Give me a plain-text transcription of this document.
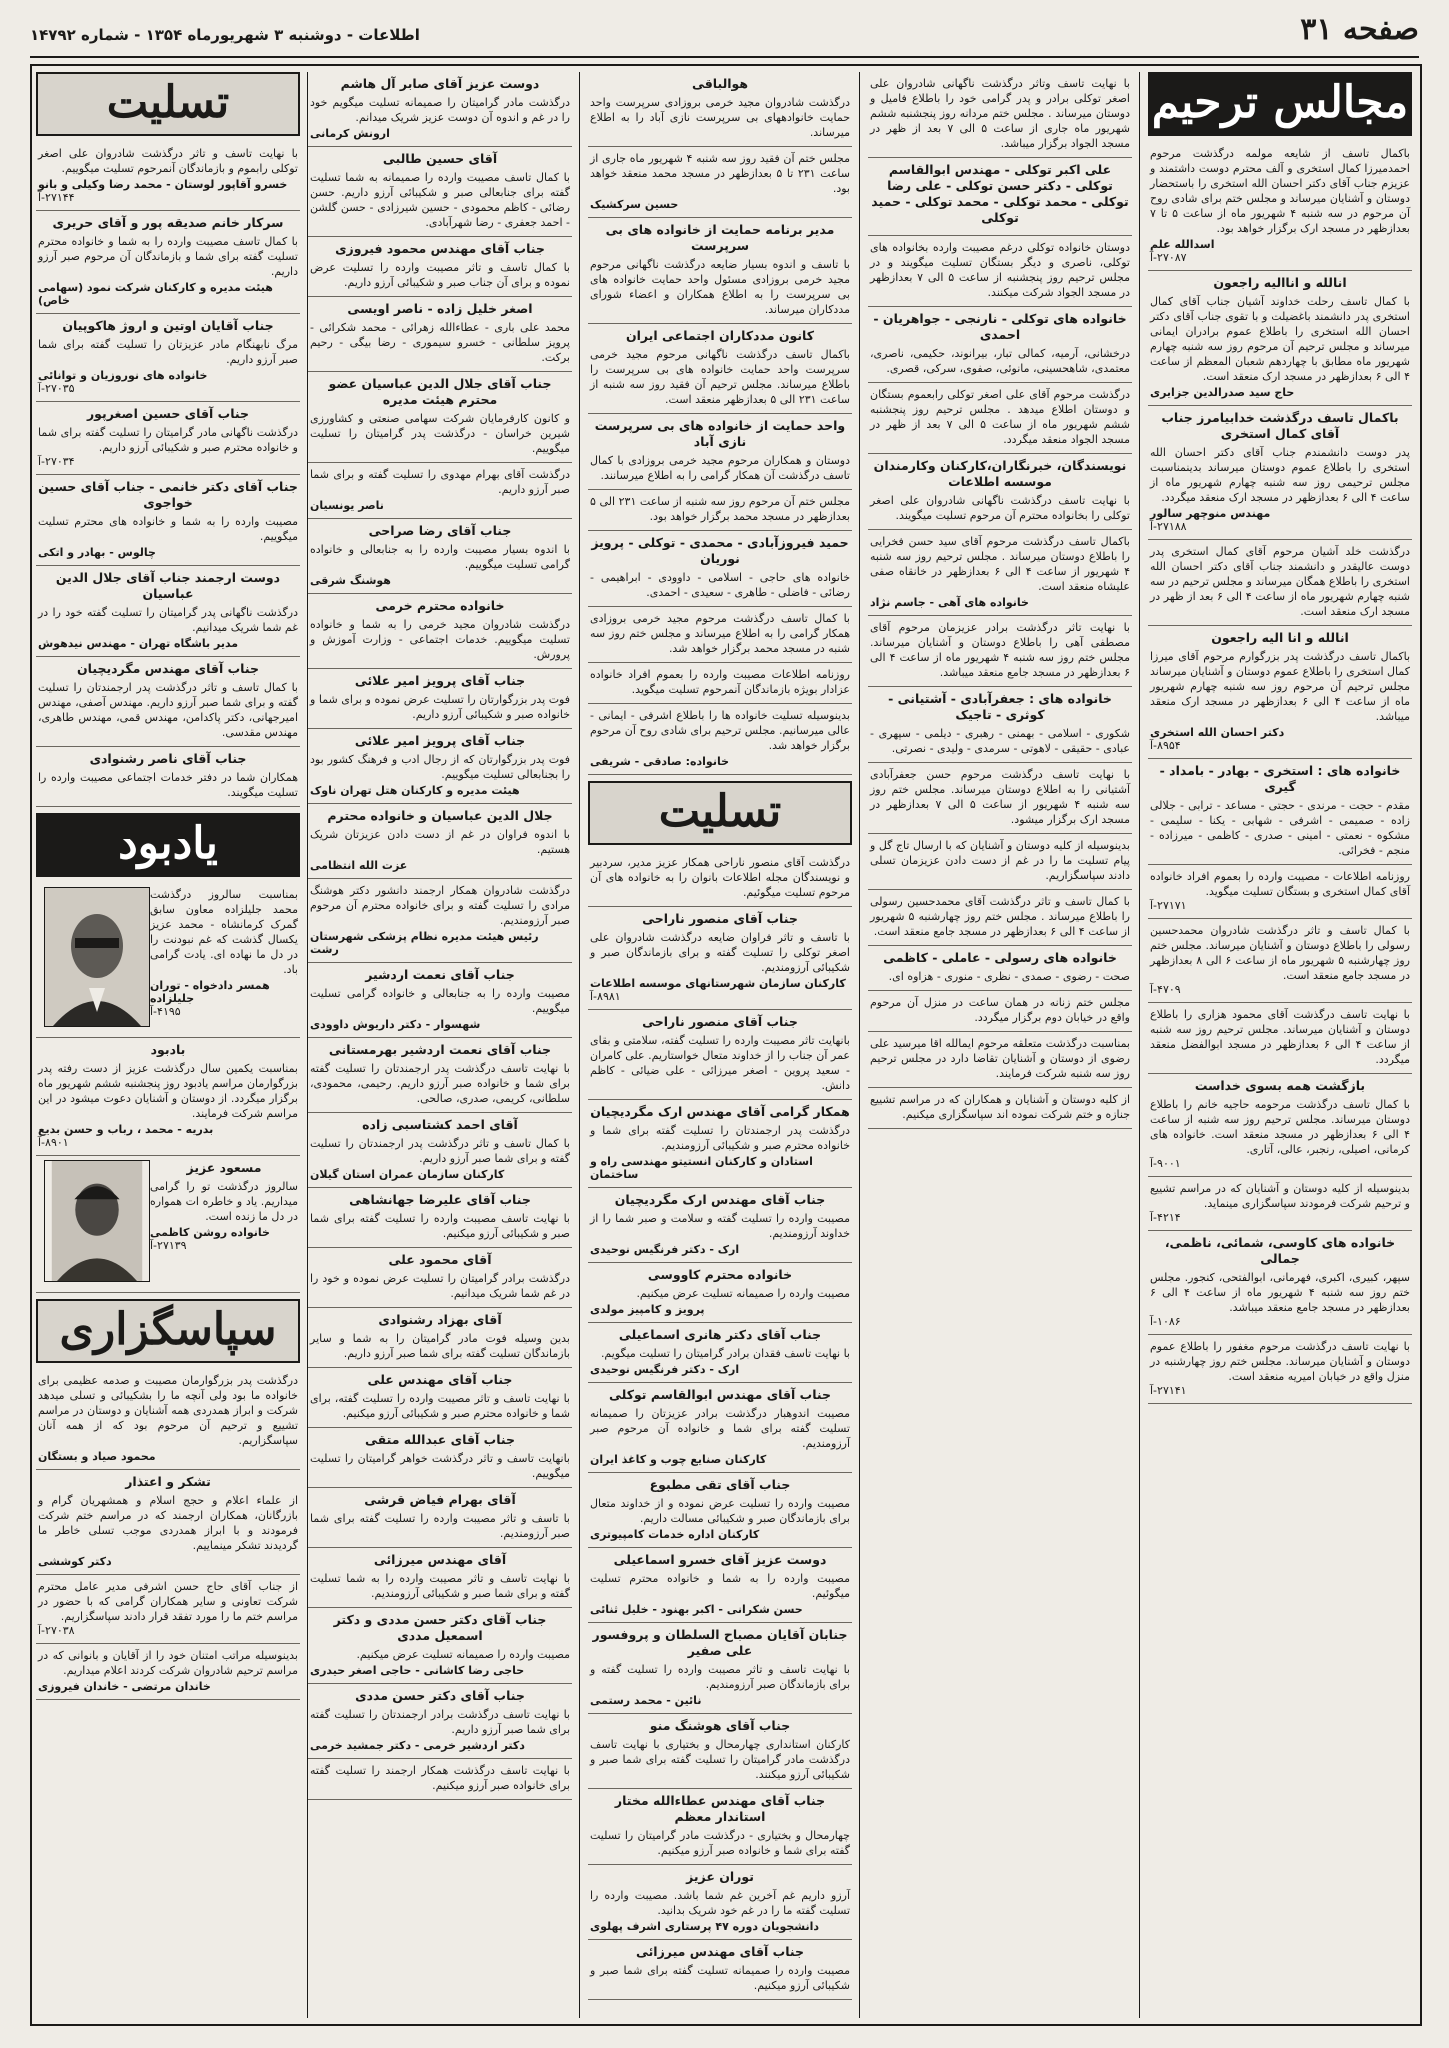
صفحه ۳۱
اطلاعات - دوشنبه ۳ شهریورماه ۱۳۵۴ - شماره ۱۴۷۹۲
مجالس ترحیم

باکمال تاسف از شایعه مولمه درگذشت مرحوم احمدمیرزا کمال استخری و آلف محترم دوست داشتمند و عزیزم جناب آقای دکتر احسان الله استخری را باستحضار دوستان و آشنایان میرساند و مجلس ختم برای شادی روح آن مرحوم در سه شنبه ۴ شهریور ماه از ساعت ۵ تا ۷ بعدازظهر در مسجد ارک برگزار خواهد بود.

اسدالله علم
۲۷۰۸۷-آ
انالله و اناالیه راجعون

با کمال تاسف رحلت خداوند آشیان جناب آقای کمال استخری پدر دانشمند باغضیلت و با تقوی جناب آقای دکتر احسان الله استخری را باطلاع عموم برادران ایمانی میرساند و مجلس ترحیم آن مرحوم روز سه شنبه چهارم شهریور ماه مطابق با چهاردهم شعبان المعظم از ساعت ۴ الی ۶ بعدازظهر در مسجد ارک منعقد است.

حاج سید صدرالدین جزایری
باکمال تاسف درگذشت خدابیامرز جناب آقای کمال استخری

پدر دوست دانشمندم جناب آقای دکتر احسان الله استخری را باطلاع عموم دوستان میرساند بدینمناسبت مجلس ترحیمی روز سه شنبه چهارم شهریور ماه از ساعت ۴ الی ۶ بعدازظهر در مسجد ارک منعقد میگردد.

مهندس منوچهر سالور
۲۷۱۸۸-آ

درگذشت خلد آشیان مرحوم آقای کمال استخری پدر دوست عالیقدر و دانشمند جناب آقای دکتر احسان الله استخری را باطلاع همگان میرساند و مجلس ترحیم در سه شنبه چهارم شهریور ماه از ساعت ۴ الی ۶ بعد از ظهر در مسجد ارک منعقد است.

انالله و انا الیه راجعون

باکمال تاسف درگذشت پدر بزرگوارم مرحوم آقای میرزا کمال استخری را باطلاع عموم دوستان و آشنایان میرساند مجلس ترحیم آن مرحوم روز سه شنبه چهارم شهریور ماه از ساعت ۴ الی ۶ بعدازظهر در مسجد ارک منعقد میباشد.

دکتر احسان الله استخری
۸۹۵۴-آ
خانواده های : استخری - بهادر - بامداد - گیری

مقدم - حجت - مرندی - حجتی - مساعد - ترابی - جلالی زاده - صمیمی - اشرفی - شهابی - یکنا - سلیمی - مشکوه - نعمتی - امینی - صدری - کاظمی - میرزاده - منجم - فخرائی.

روزنامه اطلاعات - مصیبت وارده را بعموم افراد خانواده آقای کمال استخری و بستگان تسلیت میگوید.

۲۷۱۷۱-آ

با کمال تاسف و تاثر درگذشت شادروان محمدحسین رسولی را باطلاع دوستان و آشنایان میرساند. مجلس ختم روز چهارشنبه ۵ شهریور ماه از ساعت ۶ الی ۸ بعدازظهر در مسجد جامع منعقد است.

۴۷۰۹-آ

با نهایت تاسف درگذشت آقای محمود هزاری را باطلاع دوستان و آشنایان میرساند. مجلس ترحیم روز سه شنبه از ساعت ۴ الی ۶ بعدازظهر در مسجد ابوالفضل منعقد میگردد.

بازگشت همه بسوی خداست

با کمال تاسف درگذشت مرحومه حاجیه خانم را باطلاع دوستان میرساند. مجلس ترحیم روز سه شنبه از ساعت ۴ الی ۶ بعدازظهر در مسجد منعقد است. خانواده های کرمانی، اصیلی، رنجبر، عالی، آتاری.

۹۰۰۱-آ

بدینوسیله از کلیه دوستان و آشنایان که در مراسم تشییع و ترحیم شرکت فرمودند سپاسگزاری مینماید.

۴۲۱۴-آ
خانواده های کاوسی، شمائی، ناظمی، جمالی

سپهر، کبیری، اکبری، فهرمانی، ابوالفتحی، کنجور. مجلس ختم روز سه شنبه ۴ شهریور ماه از ساعت ۴ الی ۶ بعدازظهر در مسجد جامع منعقد میباشد.

۱۰۸۶-آ

با نهایت تاسف درگذشت مرحوم مغفور را باطلاع عموم دوستان و آشنایان میرساند. مجلس ختم روز چهارشنبه در منزل واقع در خیابان امیریه منعقد است.

۲۷۱۴۱-آ

با نهایت تاسف وتاثر درگذشت ناگهانی شادروان علی اصغر توکلی برادر و پدر گرامی خود را باطلاع فامیل و دوستان میرساند . مجلس ختم مردانه روز پنجشنبه ششم شهریور ماه جاری از ساعت ۵ الی ۷ بعد از ظهر در مسجد الجواد برگزار میباشد.

علی اکبر توکلی - مهندس ابوالقاسم توکلی - دکتر حسن توکلی - علی رضا توکلی - محمد توکلی - محمد توکلی - حمید توکلی

دوستان خانواده توکلی درغم مصیبت وارده بخانواده های توکلی، ناصری و دیگر بستگان تسلیت میگویند و در مجلس ترحیم روز پنجشنبه از ساعت ۵ الی ۷ بعدازظهر در مسجد الجواد شرکت میکنند.

خانواده های توکلی - نارنجی - جواهریان - احمدی

درخشانی، آرمیه، کمالی تبار، بیرانوند، حکیمی، ناصری، معتمدی، شاهحسینی، مانوئی، صفوی، سرکی، قصری.

درگذشت مرحوم آقای علی اصغر توکلی رابعموم بستگان و دوستان اطلاع میدهد . مجلس ترحیم روز پنجشنبه ششم شهریور ماه از ساعت ۵ الی ۷ بعد از ظهر در مسجد الجواد منعقد میگردد.

نویسندگان، خبرنگاران،کارکنان وکارمندان موسسه اطلاعات

با نهایت تاسف درگذشت ناگهانی شادروان علی اصغر توکلی را بخانواده محترم آن مرحوم تسلیت میگویند.

باکمال تاسف درگذشت مرحوم آقای سید حسن فخرایی را باطلاع دوستان میرساند . مجلس ترحیم روز سه شنبه ۴ شهریور از ساعت ۴ الی ۶ بعدازظهر در خانقاه صفی علیشاه منعقد است.

خانواده های آهی - جاسم نژاد

با نهایت تاثر درگذشت برادر عزیزمان مرحوم آقای مصطفی آهی را باطلاع دوستان و آشنایان میرساند. مجلس ختم روز سه شنبه ۴ شهریور ماه از ساعت ۴ الی ۶ بعدازظهر در مسجد جامع منعقد میباشد.

خانواده های : جعفرآبادی - آشتیانی - کوثری - تاجیک

شکوری - اسلامی - بهمنی - رهبری - دیلمی - سپهری - عبادی - حقیقی - لاهوتی - سرمدی - ولیدی - نصرتی.

با نهایت تاسف درگذشت مرحوم حسن جعفرآبادی آشتیانی را به اطلاع دوستان میرساند. مجلس ختم روز سه شنبه ۴ شهریور از ساعت ۵ الی ۷ بعدازظهر در مسجد ارک برگزار میشود.

بدینوسیله از کلیه دوستان و آشنایان که با ارسال تاج گل و پیام تسلیت ما را در غم از دست دادن عزیزمان تسلی دادند سپاسگزاریم.

با کمال تاسف و تاثر درگذشت آقای محمدحسین رسولی را باطلاع میرساند . مجلس ختم روز چهارشنبه ۵ شهریور از ساعت ۴ الی ۶ بعدازظهر در مسجد جامع منعقد است.

خانواده های رسولی - عاملی - کاظمی

صحت - رضوی - صمدی - نظری - منوری - هزاوه ای.

مجلس ختم زنانه در همان ساعت در منزل آن مرحوم واقع در خیابان دوم برگزار میگردد.

بمناسبت درگذشت متعلقه مرحوم ایمالله اقا میرسید علی رضوی از دوستان و آشنایان تقاضا دارد در مجلس ترحیم روز سه شنبه شرکت فرمایند.

از کلیه دوستان و آشنایان و همکاران که در مراسم تشییع جنازه و ختم شرکت نموده اند سپاسگزاری میکنیم.

هوالباقی

درگذشت شادروان مجید خرمی بروزادی سرپرست واحد حمایت خانوادههای بی سرپرست نازی آباد را به اطلاع میرساند.

مجلس ختم آن فقید روز سه شنبه ۴ شهریور ماه جاری از ساعت ۲۳۱ تا ۵ بعدازظهر در مسجد محمد منعقد خواهد بود.

حسین سرکشیک
مدیر برنامه حمایت از خانواده های بی سرپرست

با تاسف و اندوه بسیار ضایعه درگذشت ناگهانی مرحوم مجید خرمی بروزادی مسئول واحد حمایت خانواده های بی سرپرست را به اطلاع همکاران و اعضاء شورای مددکاران میرساند.

کانون مددکاران اجتماعی ایران

باکمال تاسف درگذشت ناگهانی مرحوم مجید خرمی سرپرست واحد حمایت خانواده های بی سرپرست را باطلاع میرساند. مجلس ترحیم آن فقید روز سه شنبه از ساعت ۲۳۱ الی ۵ بعدازظهر منعقد است.

واحد حمایت از خانواده های بی سرپرست نازی آباد

دوستان و همکاران مرحوم مجید خرمی بروزادی با کمال تاسف درگذشت آن همکار گرامی را به اطلاع میرسانند.

مجلس ختم آن مرحوم روز سه شنبه از ساعت ۲۳۱ الی ۵ بعدازظهر در مسجد محمد برگزار خواهد بود.

حمید فیروزآبادی - محمدی - توکلی - پرویز نوریان

خانواده های حاجی - اسلامی - داوودی - ابراهیمی - رضائی - فاضلی - طاهری - سعیدی - احمدی.

با کمال تاسف درگذشت مرحوم مجید خرمی بروزادی همکار گرامی را به اطلاع میرساند و مجلس ختم روز سه شنبه در مسجد محمد برگزار خواهد شد.

روزنامه اطلاعات مصیبت وارده را بعموم افراد خانواده عزادار بویژه بازماندگان آنمرحوم تسلیت میگوید.

بدینوسیله تسلیت خانواده ها را باطلاع اشرفی - ایمانی - عالی میرسانیم. مجلس ترحیم برای شادی روح آن مرحوم برگزار خواهد شد.

خانواده: صادقی - شریفی
تسلیت

درگذشت آقای منصور ناراحی همکار عزیز مدیر، سردبیر و نویسندگان مجله اطلاعات بانوان را به خانواده های آن مرحوم تسلیت میگوئیم.

جناب آقای منصور ناراحی

با تاسف و تاثر فراوان ضایعه درگذشت شادروان علی اصغر توکلی را تسلیت گفته و برای بازماندگان صبر و شکیبائی آرزومندیم.

کارکنان سازمان شهرستانهای موسسه اطلاعات
۸۹۸۱-آ
جناب آقای منصور ناراحی

بانهایت تاثر مصیبت وارده را تسلیت گفته، سلامتی و بقای عمر آن جناب را از خداوند متعال خواستاریم. علی کامران - سعید پروین - اصغر میرزائی - علی ضیائی - کاظم دانش.

همکار گرامی آقای مهندس ارک مگردیچیان

درگذشت پدر ارجمندتان را تسلیت گفته برای شما و خانواده محترم صبر و شکیبائی آرزومندیم.

استادان و کارکنان انستیتو مهندسی راه و ساختمان
جناب آقای مهندس ارک مگردیچیان

مصیبت وارده را تسلیت گفته و سلامت و صبر شما را از خداوند آرزومندیم.

ارک - دکتر فرنگیس نوحیدی
خانواده محترم کاووسی

مصیبت وارده را صمیمانه تسلیت عرض میکنیم.

پرویز و کامپیز مولدی
جناب آقای دکتر هانری اسماعیلی

با نهایت تاسف فقدان برادر گرامیتان را تسلیت میگویم.

ارک - دکتر فرنگیس نوحیدی
جناب آقای مهندس ابوالقاسم توکلی

مصیبت اندوهبار درگذشت برادر عزیزتان را صمیمانه تسلیت گفته برای شما و خانواده آن مرحوم صبر آرزومندیم.

کارکنان صنایع چوب و کاغذ ایران
جناب آقای تقی مطبوع

مصیبت وارده را تسلیت عرض نموده و از خداوند متعال برای بازماندگان صبر و شکیبائی مسالت داریم.

کارکنان اداره خدمات کامپیوتری
دوست عزیز آقای خسرو اسماعیلی

مصیبت وارده را به شما و خانواده محترم تسلیت میگوئیم.

حسن شکرانی - اکبر بهنود - خلیل ثنائی
جنابان آقایان مصباح السلطان و پروفسور علی صفیر

با نهایت تاسف و تاثر مصیبت وارده را تسلیت گفته و برای بازماندگان صبر آرزومندیم.

نائین - محمد رستمی
جناب آقای هوشنگ منو

کارکنان استانداری چهارمحال و بختیاری با نهایت تاسف درگذشت مادر گرامیتان را تسلیت گفته برای شما صبر و شکیبائی آرزو میکنند.

جناب آقای مهندس عطاءالله مختار استاندار معظم

چهارمحال و بختیاری - درگذشت مادر گرامیتان را تسلیت گفته برای شما و خانواده صبر آرزو میکنیم.

توران عزیز

آرزو داریم غم آخرین غم شما باشد. مصیبت وارده را تسلیت گفته ما را در غم خود شریک بدانید.

دانشجویان دوره ۴۷ پرستاری اشرف پهلوی
جناب آقای مهندس میرزائی

مصیبت وارده را صمیمانه تسلیت گفته برای شما صبر و شکیبائی آرزو میکنیم.

دوست عزیز آقای صابر آل هاشم

درگذشت مادر گرامیتان را صمیمانه تسلیت میگویم خود را در غم و اندوه آن دوست عزیز شریک میدانم.

ارونش کرمانی
آقای حسین طالبی

با کمال تاسف مصیبت وارده را صمیمانه به شما تسلیت گفته برای جنابعالی صبر و شکیبائی آرزو داریم. حسن رضائی - کاظم محمودی - حسین شیرزادی - حسن گلشن - احمد جعفری - رضا شهرآبادی.

جناب آقای مهندس محمود فیروزی

با کمال تاسف و تاثر مصیبت وارده را تسلیت عرض نموده و برای آن جناب صبر و شکیبائی آرزو داریم.

اصغر خلیل زاده - ناصر اویسی

محمد علی باری - عطاءالله زهرائی - محمد شکرائی - پرویز سلطانی - خسرو سیموری - رضا بیگی - رحیم برکت.

جناب آقای جلال الدین عباسیان عضو محترم هیئت مدیره

و کانون کارفرمایان شرکت سهامی صنعتی و کشاورزی شیرین خراسان - درگذشت پدر گرامیتان را تسلیت میگوییم.

درگذشت آقای بهرام مهدوی را تسلیت گفته و برای شما صبر آرزو داریم.

ناصر یونسیان
جناب آقای رضا صراحی

با اندوه بسیار مصیبت وارده را به جنابعالی و خانواده گرامی تسلیت میگوییم.

هوشنگ شرقی
خانواده محترم خرمی

درگذشت شادروان مجید خرمی را به شما و خانواده تسلیت میگوییم. خدمات اجتماعی - وزارت آموزش و پرورش.

جناب آقای پرویز امیر علائی

فوت پدر بزرگوارتان را تسلیت عرض نموده و برای شما و خانواده صبر و شکیبائی آرزو داریم.

جناب آقای پرویز امیر علائی

فوت پدر بزرگوارتان که از رجال ادب و فرهنگ کشور بود را بجنابعالی تسلیت میگوییم.

هیئت مدیره و کارکنان هتل تهران ناوک
جلال الدین عباسیان و خانواده محترم

با اندوه فراوان در غم از دست دادن عزیزتان شریک هستیم.

عزت الله انتظامی

درگذشت شادروان همکار ارجمند دانشور دکتر هوشنگ مرادی را تسلیت گفته و برای خانواده محترم آن مرحوم صبر آرزومندیم.

رئیس هیئت مدیره نظام پزشکی شهرستان رشت
جناب آقای نعمت اردشیر

مصیبت وارده را به جنابعالی و خانواده گرامی تسلیت میگوییم.

شهسوار - دکتر داریوش داوودی
جناب آقای نعمت اردشیر بهرمستانی

با نهایت تاسف درگذشت پدر ارجمندتان را تسلیت گفته برای شما و خانواده صبر آرزو داریم. رحیمی، محمودی، سلطانی، کریمی، صدری، صالحی.

آقای احمد کشتاسبی زاده

با کمال تاسف و تاثر درگذشت پدر ارجمندتان را تسلیت گفته و برای شما صبر آرزو داریم.

کارکنان سازمان عمران استان گیلان
جناب آقای علیرضا جهانشاهی

با نهایت تاسف مصیبت وارده را تسلیت گفته برای شما صبر و شکیبائی آرزو میکنیم.

آقای محمود علی

درگذشت برادر گرامیتان را تسلیت عرض نموده و خود را در غم شما شریک میدانیم.

آقای بهزاد رشنوادی

بدین وسیله فوت مادر گرامیتان را به شما و سایر بازماندگان تسلیت گفته برای شما صبر آرزو داریم.

جناب آقای مهندس علی

با نهایت تاسف و تاثر مصیبت وارده را تسلیت گفته، برای شما و خانواده محترم صبر و شکیبائی آرزو میکنیم.

جناب آقای عبدالله متقی

بانهایت تاسف و تاثر درگذشت خواهر گرامیتان را تسلیت میگوییم.

آقای بهرام فیاض قرشی

با تاسف و تاثر مصیبت وارده را تسلیت گفته برای شما صبر آرزومندیم.

آقای مهندس میرزائی

با نهایت تاسف و تاثر مصیبت وارده را به شما تسلیت گفته و برای شما صبر و شکیبائی آرزومندیم.

جناب آقای دکتر حسن مددی و دکتر اسمعیل مددی

مصیبت وارده را صمیمانه تسلیت عرض میکنیم.

حاجی رضا کاشانی - حاجی اصغر حیدری
جناب آقای دکتر حسن مددی

با نهایت تاسف درگذشت برادر ارجمندتان را تسلیت گفته برای شما صبر آرزو داریم.

دکتر اردشیر خرمی - دکتر جمشید خرمی

با نهایت تاسف درگذشت همکار ارجمند را تسلیت گفته برای خانواده صبر آرزو میکنیم.

تسلیت

با نهایت تاسف و تاثر درگذشت شادروان علی اصغر توکلی رابموم و بازماندگان آنمرحوم تسلیت میگوییم.

خسرو آقاپور لوستان - محمد رضا وکیلی و بانو
۲۷۱۴۴-آ
سرکار خانم صدیقه پور و آقای حریری

با کمال تاسف مصیبت وارده را به شما و خانواده محترم تسلیت گفته برای شما و بازماندگان آن مرحوم صبر آرزو داریم.

هیئت مدیره و کارکنان شرکت نمود (سهامی خاص)
جناب آقایان اوتین و اروژ هاکوپیان

مرگ نابهنگام مادر عزیزتان را تسلیت گفته برای شما صبر آرزو داریم.

خانواده های نوروزیان و توانائی
۲۷۰۳۵-آ
جناب آقای حسین اصغرپور

درگذشت ناگهانی مادر گرامیتان را تسلیت گفته برای شما و خانواده محترم صبر و شکیبائی آرزو داریم.

۲۷۰۳۴-آ
جناب آقای دکتر خانمی - جناب آقای حسین خواجوی

مصیبت وارده را به شما و خانواده های محترم تسلیت میگوییم.

چالوس - بهادر و اتکی
دوست ارجمند جناب آقای جلال الدین عباسیان

درگذشت ناگهانی پدر گرامیتان را تسلیت گفته خود را در غم شما شریک میدانیم.

مدیر باشگاه تهران - مهندس نیدهوش
جناب آقای مهندس مگردیچیان

با کمال تاسف و تاثر درگذشت پدر ارجمندتان را تسلیت گفته و برای شما صبر آرزو داریم. مهندس آصفی، مهندس امیرجهانی، دکتر پاکدامن، مهندس قمی، مهندس طاهری، مهندس مقدسی.

جناب آقای ناصر رشنوادی

همکاران شما در دفتر خدمات اجتماعی مصیبت وارده را تسلیت میگویند.

یادبود

بمناسبت سالروز درگذشت محمد جلیلزاده معاون سابق گمرک کرمانشاه - محمد عزیز یکسال گذشت که غم نبودنت را در دل ما نهاده ای. یادت گرامی باد.

همسر دادخواه - توران جلیلزاده
۴۱۹۵-آ
بادبود

بمناسبت یکمین سال درگذشت عزیز از دست رفته پدر بزرگوارمان مراسم یادبود روز پنجشنبه ششم شهریور ماه برگزار میگردد. از دوستان و آشنایان دعوت میشود در این مراسم شرکت فرمایند.

بدریه - محمد ، رباب و حسن بدیع
۸۹۰۱-آ
مسعود عزیز

سالروز درگذشت تو را گرامی میداریم. یاد و خاطره ات همواره در دل ما زنده است.

خانواده روشن کاظمی
۲۷۱۳۹-آ
سپاسگزاری

درگذشت پدر بزرگوارمان مصیبت و صدمه عظیمی برای خانواده ما بود ولی آنچه ما را بشکیبائی و تسلی میدهد شرکت و ابراز همدردی همه آشنایان و دوستان در مراسم تشییع و ترحیم آن مرحوم بود که از همه آنان سپاسگزاریم.

محمود صیاد و بستگان
تشکر و اعتذار

از علماء اعلام و حجج اسلام و همشهریان گرام و بازرگانان، همکاران ارجمند که در مراسم ختم شرکت فرمودند و با ابراز همدردی موجب تسلی خاطر ما گردیدند تشکر مینماییم.

دکتر کوششی

از جناب آقای حاج حسن اشرفی مدیر عامل محترم شرکت تعاونی و سایر همکاران گرامی که با حضور در مراسم ختم ما را مورد تفقد قرار دادند سپاسگزاریم.

۲۷۰۳۸-آ

بدینوسیله مراتب امتنان خود را از آقایان و بانوانی که در مراسم ترحیم شادروان شرکت کردند اعلام میداریم.

خاندان مرتضی - خاندان فیروزی
